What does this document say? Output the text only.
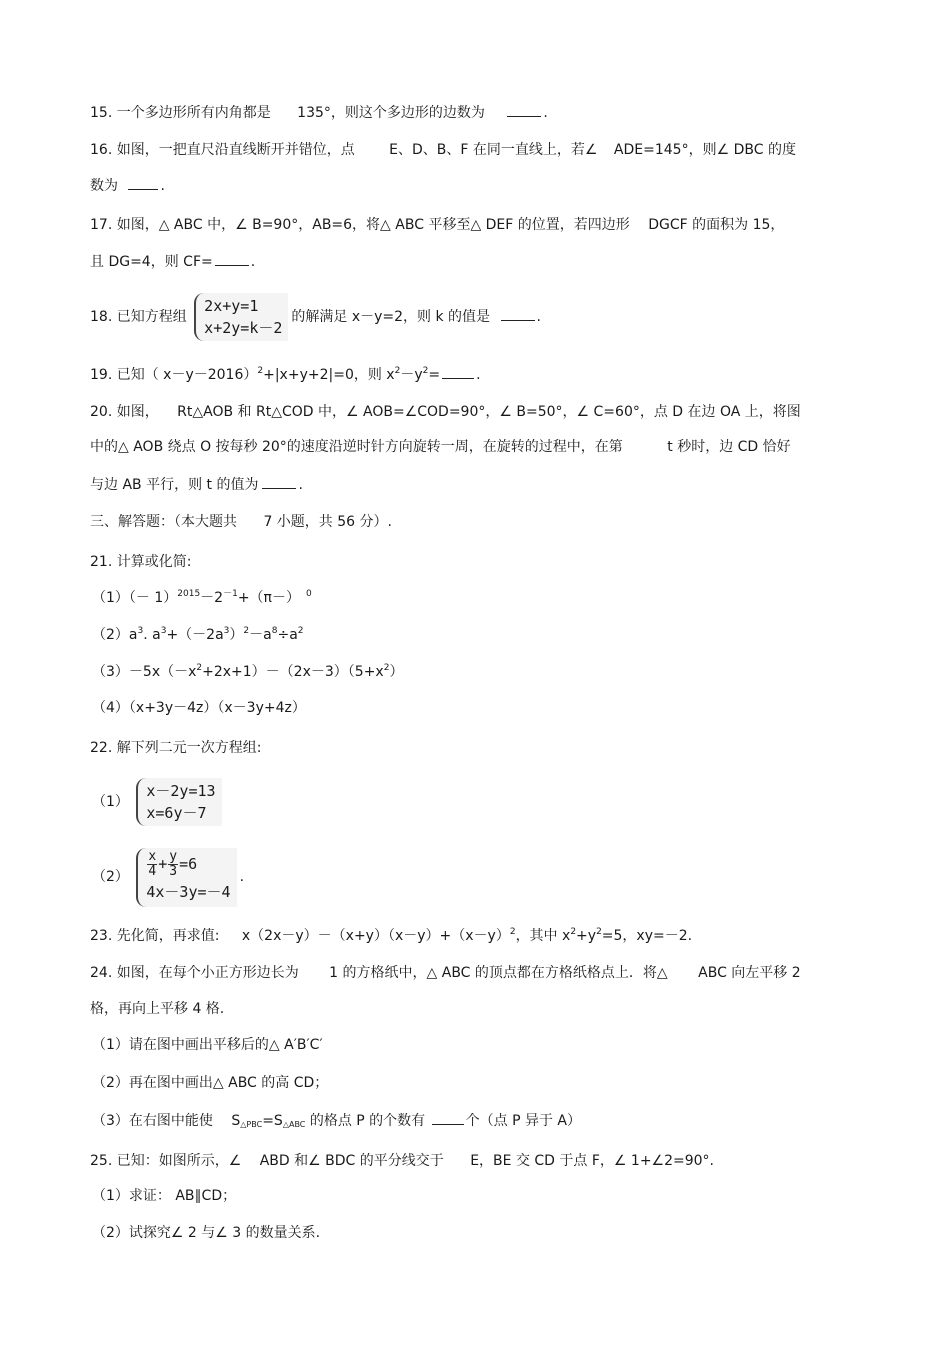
15. 一个多边形所有内角都是 135°，则这个多边形的边数为	.
16. 如图，一把直尺沿直线断开并错位，点 E、D、B、F 在同一直线上，若∠ ADE=145°，则∠ DBC 的度
数为	.
17. 如图，△ ABC 中，∠ B=90°，AB=6，将△ ABC 平移至△ DEF 的位置，若四边形 DGCF 的面积为 15，
且 DG=4，则 CF=	.
18. 已知方程组
2x+y=1
x+2y=k－2
的解满足 x－y=2，则 k 的值是	.
19. 已知（ x－y－2016）$^2$+|x+y+2|=0，则 $x^2-y^2=$	.
20. 如图， Rt△AOB 和 Rt△COD 中，∠ AOB=∠COD=90°，∠ B=50°，∠ C=60°，点 D 在边 OA 上，将图
中的△ AOB 绕点 O 按每秒 20°的速度沿逆时针方向旋转一周，在旋转的过程中，在第	t 秒时，边 CD 恰好
与边 AB 平行，则 t 的值为	.
三、解答题：（本大题共 7 小题，共 56 分）.
21. 计算或化简:
$(1)(- 1)^{2015}-2^{-1}+(\pi-)$ $^0$
$(2)a^3$. $a^3+(-2a^3)^2-a^8\div a^2$
$(3)-5x(-x^2+2x+1)-(2x-3)(5+x^2)$
（4）（x+3y－4z）（x－3y+4z）
22. 解下列二元一次方程组:
（1）
x－2y=13
x=6y－7
$(2) \frac{x}{4} + \frac{y}{3} =6$
4x－3y=－4
.
23. 先化简，再求值: $x(2x-y)-(x+y)(x-y)+(x-y)^2$，其中 $x^2+y^2=5$，xy=－2.
24. 如图，在每个小正方形边长为 1 的方格纸中，△ ABC 的顶点都在方格纸格点上．将△ ABC 向左平移 2
格，再向上平移 4 格.
（1）请在图中画出平移后的△ A′B′C′
（2）再在图中画出△ ABC 的高 CD；
（3）在右图中能使 $S_{\triangle PBC}=S_{\triangle ABC}$ 的格点 P 的个数有	个（点 P 异于 A）
25. 已知：如图所示，∠ ABD 和∠ BDC 的平分线交于 E，BE 交 CD 于点 F，∠ 1+∠2=90°.
（1）求证： AB∥CD；
（2）试探究∠ 2 与∠ 3 的数量关系.
